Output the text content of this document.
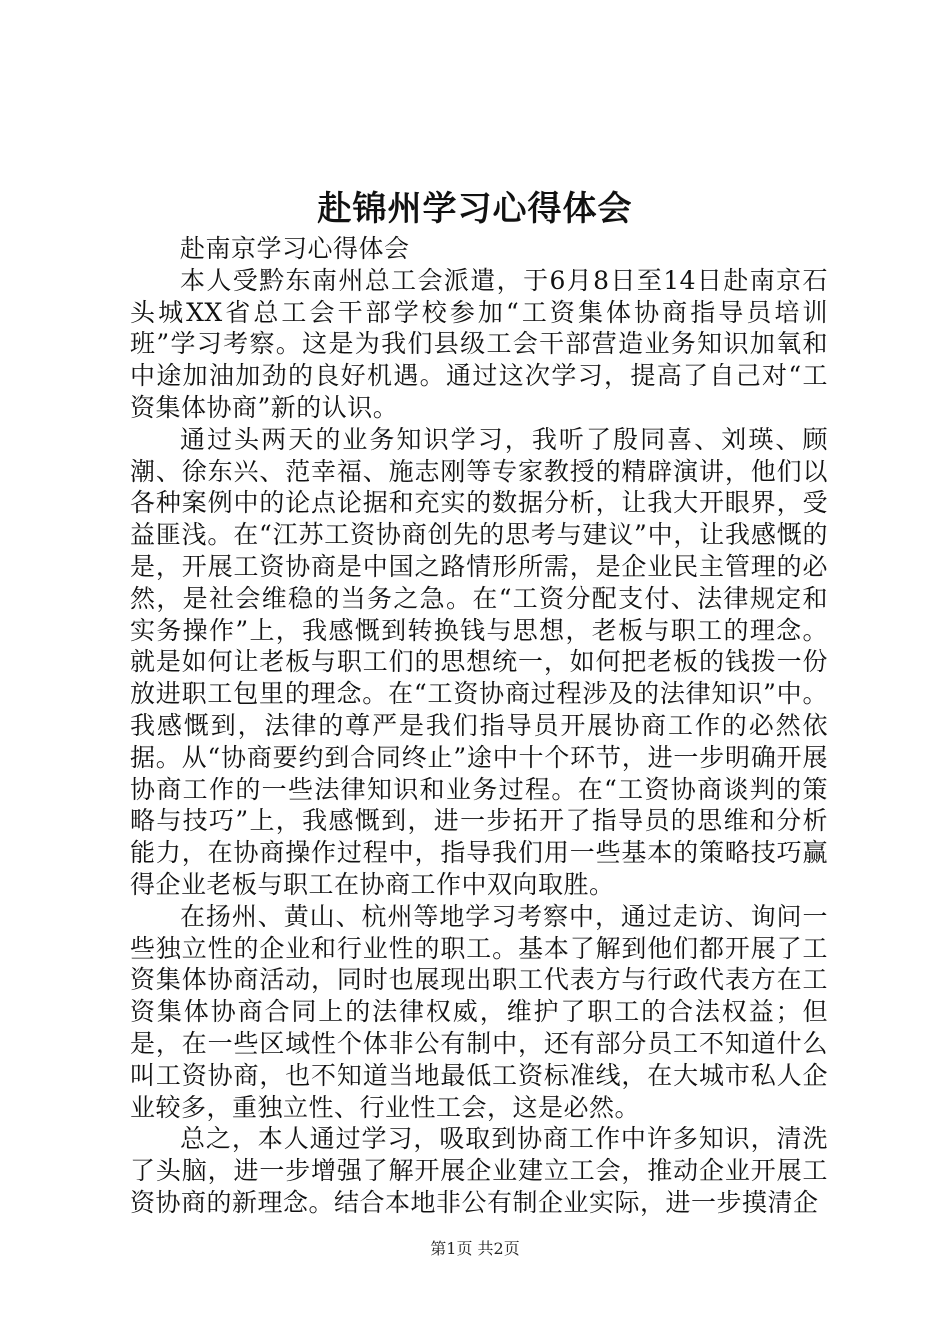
赴锦州学习心得体会

赴南京学习心得体会

本人受黔东南州总工会派遣，于6月8日至14日赴南京石头城XX省总工会干部学校参加“工资集体协商指导员培训班”学习考察。这是为我们县级工会干部营造业务知识加氧和中途加油加劲的良好机遇。通过这次学习，提高了自己对“工资集体协商”新的认识。

通过头两天的业务知识学习，我听了殷同喜、刘瑛、顾潮、徐东兴、范幸福、施志刚等专家教授的精辟演讲，他们以各种案例中的论点论据和充实的数据分析，让我大开眼界，受益匪浅。在“江苏工资协商创先的思考与建议”中，让我感慨的是，开展工资协商是中国之路情形所需，是企业民主管理的必然，是社会维稳的当务之急。在“工资分配支付、法律规定和实务操作”上，我感慨到转换钱与思想，老板与职工的理念。就是如何让老板与职工们的思想统一，如何把老板的钱拨一份放进职工包里的理念。在“工资协商过程涉及的法律知识”中。我感慨到，法律的尊严是我们指导员开展协商工作的必然依据。从“协商要约到合同终止”途中十个环节，进一步明确开展协商工作的一些法律知识和业务过程。在“工资协商谈判的策略与技巧”上，我感慨到，进一步拓开了指导员的思维和分析能力，在协商操作过程中，指导我们用一些基本的策略技巧赢得企业老板与职工在协商工作中双向取胜。

在扬州、黄山、杭州等地学习考察中，通过走访、询问一些独立性的企业和行业性的职工。基本了解到他们都开展了工资集体协商活动，同时也展现出职工代表方与行政代表方在工资集体协商合同上的法律权威，维护了职工的合法权益；但是，在一些区域性个体非公有制中，还有部分员工不知道什么叫工资协商，也不知道当地最低工资标准线，在大城市私人企业较多，重独立性、行业性工会，这是必然。

总之，本人通过学习，吸取到协商工作中许多知识，清洗了头脑，进一步增强了解开展企业建立工会，推动企业开展工资协商的新理念。结合本地非公有制企业实际，进一步摸清企

第1页 共2页
